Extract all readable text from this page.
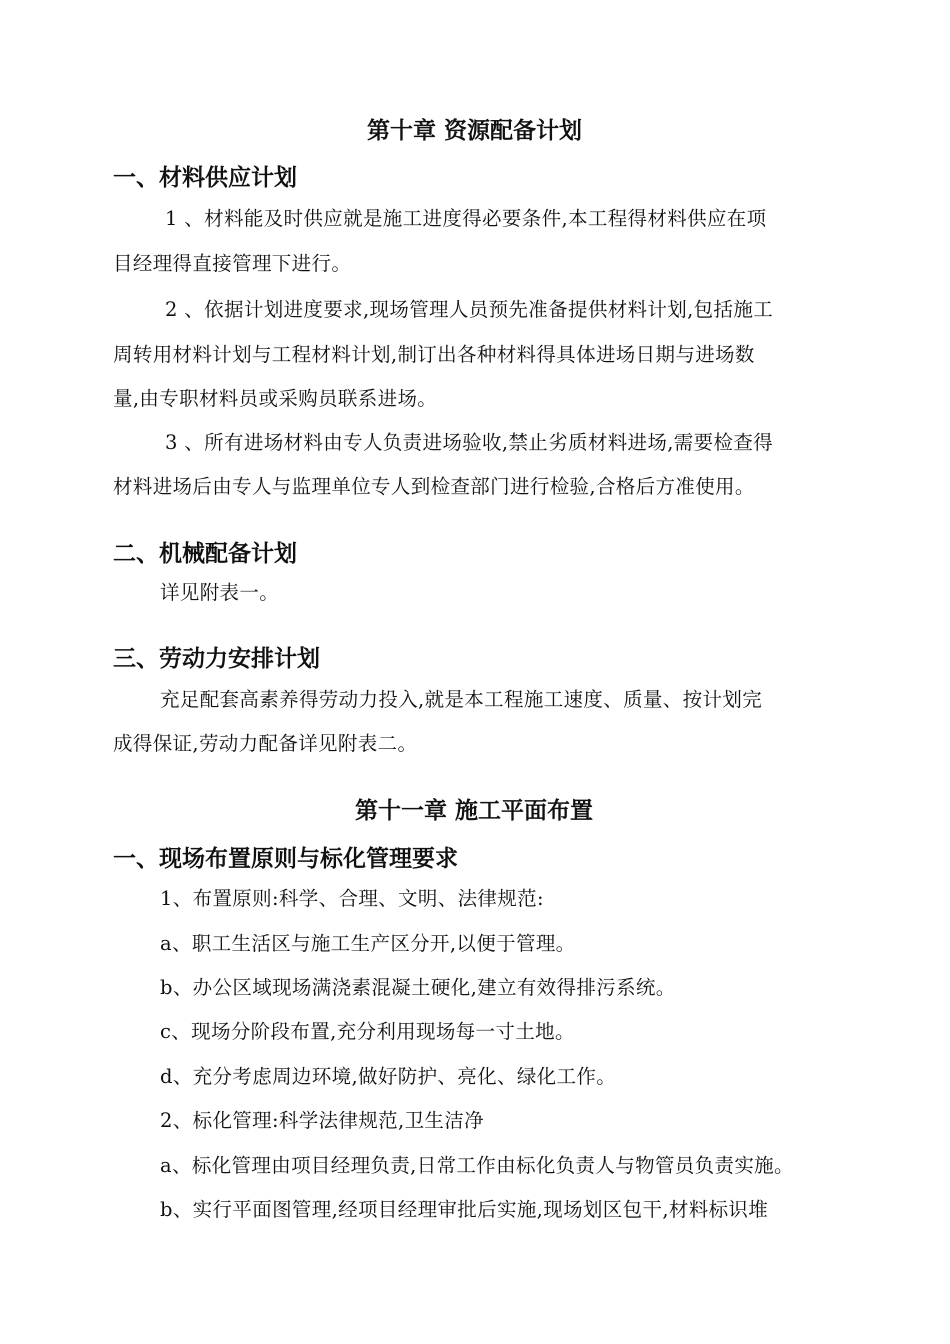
第十章 资源配备计划
一、材料供应计划
1 、材料能及时供应就是施工进度得必要条件,本工程得材料供应在项
目经理得直接管理下进行。
2 、依据计划进度要求,现场管理人员预先准备提供材料计划,包括施工
周转用材料计划与工程材料计划,制订出各种材料得具体进场日期与进场数
量,由专职材料员或采购员联系进场。
3 、所有进场材料由专人负责进场验收,禁止劣质材料进场,需要检查得
材料进场后由专人与监理单位专人到检查部门进行检验,合格后方准使用。
二、机械配备计划
详见附表一。
三、劳动力安排计划
充足配套高素养得劳动力投入,就是本工程施工速度、质量、按计划完
成得保证,劳动力配备详见附表二。
第十一章 施工平面布置
一、现场布置原则与标化管理要求
1、布置原则:科学、合理、文明、法律规范:
a、职工生活区与施工生产区分开,以便于管理。
b、办公区域现场满浇素混凝土硬化,建立有效得排污系统。
c、现场分阶段布置,充分利用现场每一寸土地。
d、充分考虑周边环境,做好防护、亮化、绿化工作。
2、标化管理:科学法律规范,卫生洁净
a、标化管理由项目经理负责,日常工作由标化负责人与物管员负责实施。
b、实行平面图管理,经项目经理审批后实施,现场划区包干,材料标识堆
